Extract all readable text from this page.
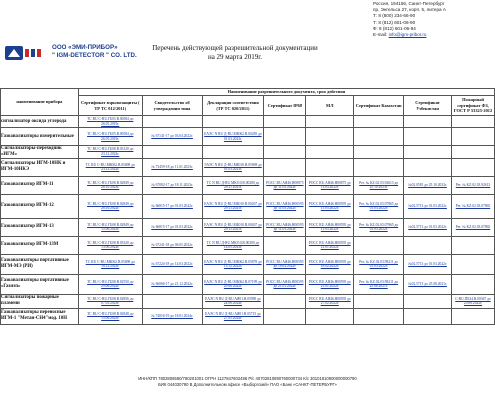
ООО «ЭМИ-ПРИБОР»
" IGM-DETECTOR " CO. LTD.
Перечень действующей разрешительной документации
на 29 марта 2019г.
Россия, 194156, Санкт-Петербург
пр. Энгельса 27, корп. 5, литера А
Т: 8 (800) 234-66-90
Т: 8 (812) 601-06-90
Ф: 8 (812) 601-06-94
E-mail: info@igm-pribor.ru
наименование прибора	Наименование разрешительного документа, срок действия							
	Сертификат взрывозащиты ( ТР ТС 012/2011)	Свидетельство об утверждении типа	Декларация соответствия (ТР ТС 020/2011)	Сертификат IP68	МЛ	Сертификат Казахстан	Сертификат Узбекистан	Пожарный сертификат ФЗ, ГОСТ Р 53325-2012
сигнализатор оксида углерода	ТС RU C-RU.ГБ05.В.00584 до 26.05.2019г.							
Газоанализаторы измерительные	ТС RU C-RU.ГБ05.В.00584 до 26.05.2019г.	№ 67141-17 до 03.04.2022г.	ЕАЭС N RU Д-RU.МЮ62.В.00285 до 01.03.2023г.					
Сигнализаторы-переходник «ИГМ»	ТС RU C-RU.ГБ08.В.03120 до 23.12.2022г.							
Сигнализаторы ИГМ-10НК и ИГМ-10НКЭ	ТС RU C-RU.МЮ62.В.05698 до 23.12.2022г.	№ 73459-18 до 11.01.2023г.	ЭАЭС N RU Д-RU.МЮ10.В.05698 до 01.03.2023г.					
Газоанализатор ИГМ-11	ТС RU C-RU.ГБ08.В.02849 до 26.10.2023г.	№ 67082-17 до 18.11.2023г.	ТС N RU Д-RU.МЮ10.В.00280 до 29.11.2021г.	РОСС RU.АЯ46.Н00875 до 11.03.2022г.	РОСС RU.АЯ46.Н00875 до 11.03.2022г.	Рег. № KZ.02.03.92613 до 25.10.2023г.	№02.0581 до 25.10.2023г.	Рег. № KZ.02.03.92613
Газоанализатор ИГМ-12	ТС RU C-RU.ГБ08.В.02849 до 26.10.2022г.	№ 66815-17 до 01.03.2022г.	ЕАЭС N RU Д-RU.МЮ10.В.00267 до 29.11.2021г.	РОСС RU.АЯ46.Н00595 до 11.03.2022г.	РОСС RU.АЯ46.Н00595 до 11.03.2022г.	Рег. № KZ.02.03.07865 до 01.03.2022г.	№02.5713 до 01.03.2022г.	Рег. № KZ.02.03.07865
Газоанализатор ИГМ-13	ТС RU C-RU.ГБ08.В.02849 до 15.06.2023г.	№ 66815-17 до 01.03.2022г.	ЕАЭС N RU Д-RU.МЮ10.В.00267 до 29.11.2021г.	РОСС RU.АЯ46.Н00595 до 11.03.2022г.	РОСС RU.АЯ46.Н00595 до 11.03.2022г.	Рег. № KZ.02.03.07865 до 01.03.2022г.	№02.5713 до 01.03.2022г.	Рег. № KZ.02.03.07865
Газоанализатор ИГМ-13М	ТС RU C-RU.ГБ08.В.03320 до 13.06.2022г.	№ 67241-18 до 06.05.2022г.	ТС N RU Д-RU.МЮ10.В.00300 до 14.05.2023г.		РОСС RU.АЯ46.Н00595 до 21.01.2022г.			
Газоанализаторы портативные ИГМ-МЭ (РИ)	ТС RU C-RU.МЮ62.В.05698 до 18.12.2022г.	№ 67224-18 до 14.03.2022г.	ЕАЭС N RU Д-RU.МЮ62.В.05878 до 13.12.2022г.	РОСС RU.АЯ46.Н00595 до 18.02.2022г.	РОСС RU.АЯ46.Н00595 до 18.02.2022г.	Рег. № KZ.02.03.98211 до 01.03.2022г.	№02.5713 до 01.03.2022г.	
Газоанализаторы портативные «Газнэп»	ТС RU C-RU.ГБ08.В.02550 до 29.06.2022г.	№ 66066-17 до 21.12.2022г.	ЕАЭС N RU Д-RU.МЮ62.В.07199 до 29.06.2022г.	РОСС RU.АЯ46.Н00595 до 21.01.2022г.	РОСС RU.АЯ46.Н00595 до 21.01.2022г.	Рег. № KZ.02.03.98211 до 25.08.2021г.	№02.5713 до 25.08.2021г.	
Сигнализаторы пожарные пламени	ТС RU C-RU.ГБ08.В.02856 до 07.05.2023г.		ЕАЭС N RU Д-RU.АЯ01.В.05990 до 24.06.2024г.		РОСС RU.АЯ46.Н00595 до 27.02.2022г.			С-RU.ПБ34.В.00367 до 25.06.2022г.
Газоанализаторы переносные ИГМ-1 "Метан-СН4"мод. 10Н	ТС RU C-RU.ГБ08.В.02848 до 15.06.2023г.	№ 74016-19 до 18.01.2024г.	ЕАЭС N RU Д-RU.АЯ01.В.05715 до 27.05.2024г.					
ИНН/КПП 7802806580/780201001 ОГРН 1127847602486 Р/с 40702810890760000734 К/с 30101810900000000790
БИК 044030790 В Дополнительном офисе «Выборгский» ПАО «Банк «САНКТ-ПЕТЕРБУРГ»
